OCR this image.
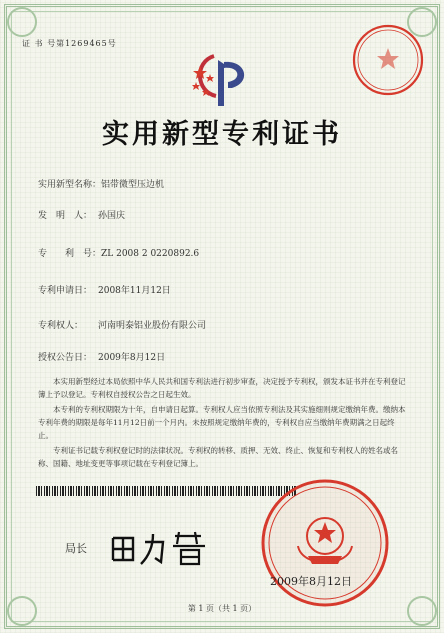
证 书 号第1269465号
实用新型专利证书
实用新型名称：铝带微型压边机
发　明　人： 孙国庆
专　　利　号：ZL 2008 2 0220892.6
专利申请日： 2008年11月12日
专利权人： 河南明泰铝业股份有限公司
授权公告日： 2009年8月12日

本实用新型经过本局依照中华人民共和国专利法进行初步审查，决定授予专利权，颁发本证书并在专利登记簿上予以登记。专利权自授权公告之日起生效。

本专利的专利权期限为十年，自申请日起算。专利权人应当依照专利法及其实施细则规定缴纳年费。缴纳本专利年费的期限是每年11月12日前一个月内。未按照规定缴纳年费的，专利权自应当缴纳年费期满之日起终止。

专利证书记载专利权登记时的法律状况。专利权的转移、质押、无效、终止、恢复和专利权人的姓名或名称、国籍、地址变更等事项记载在专利登记簿上。

局长
2009年8月12日
第 1 页（共 1 页）
